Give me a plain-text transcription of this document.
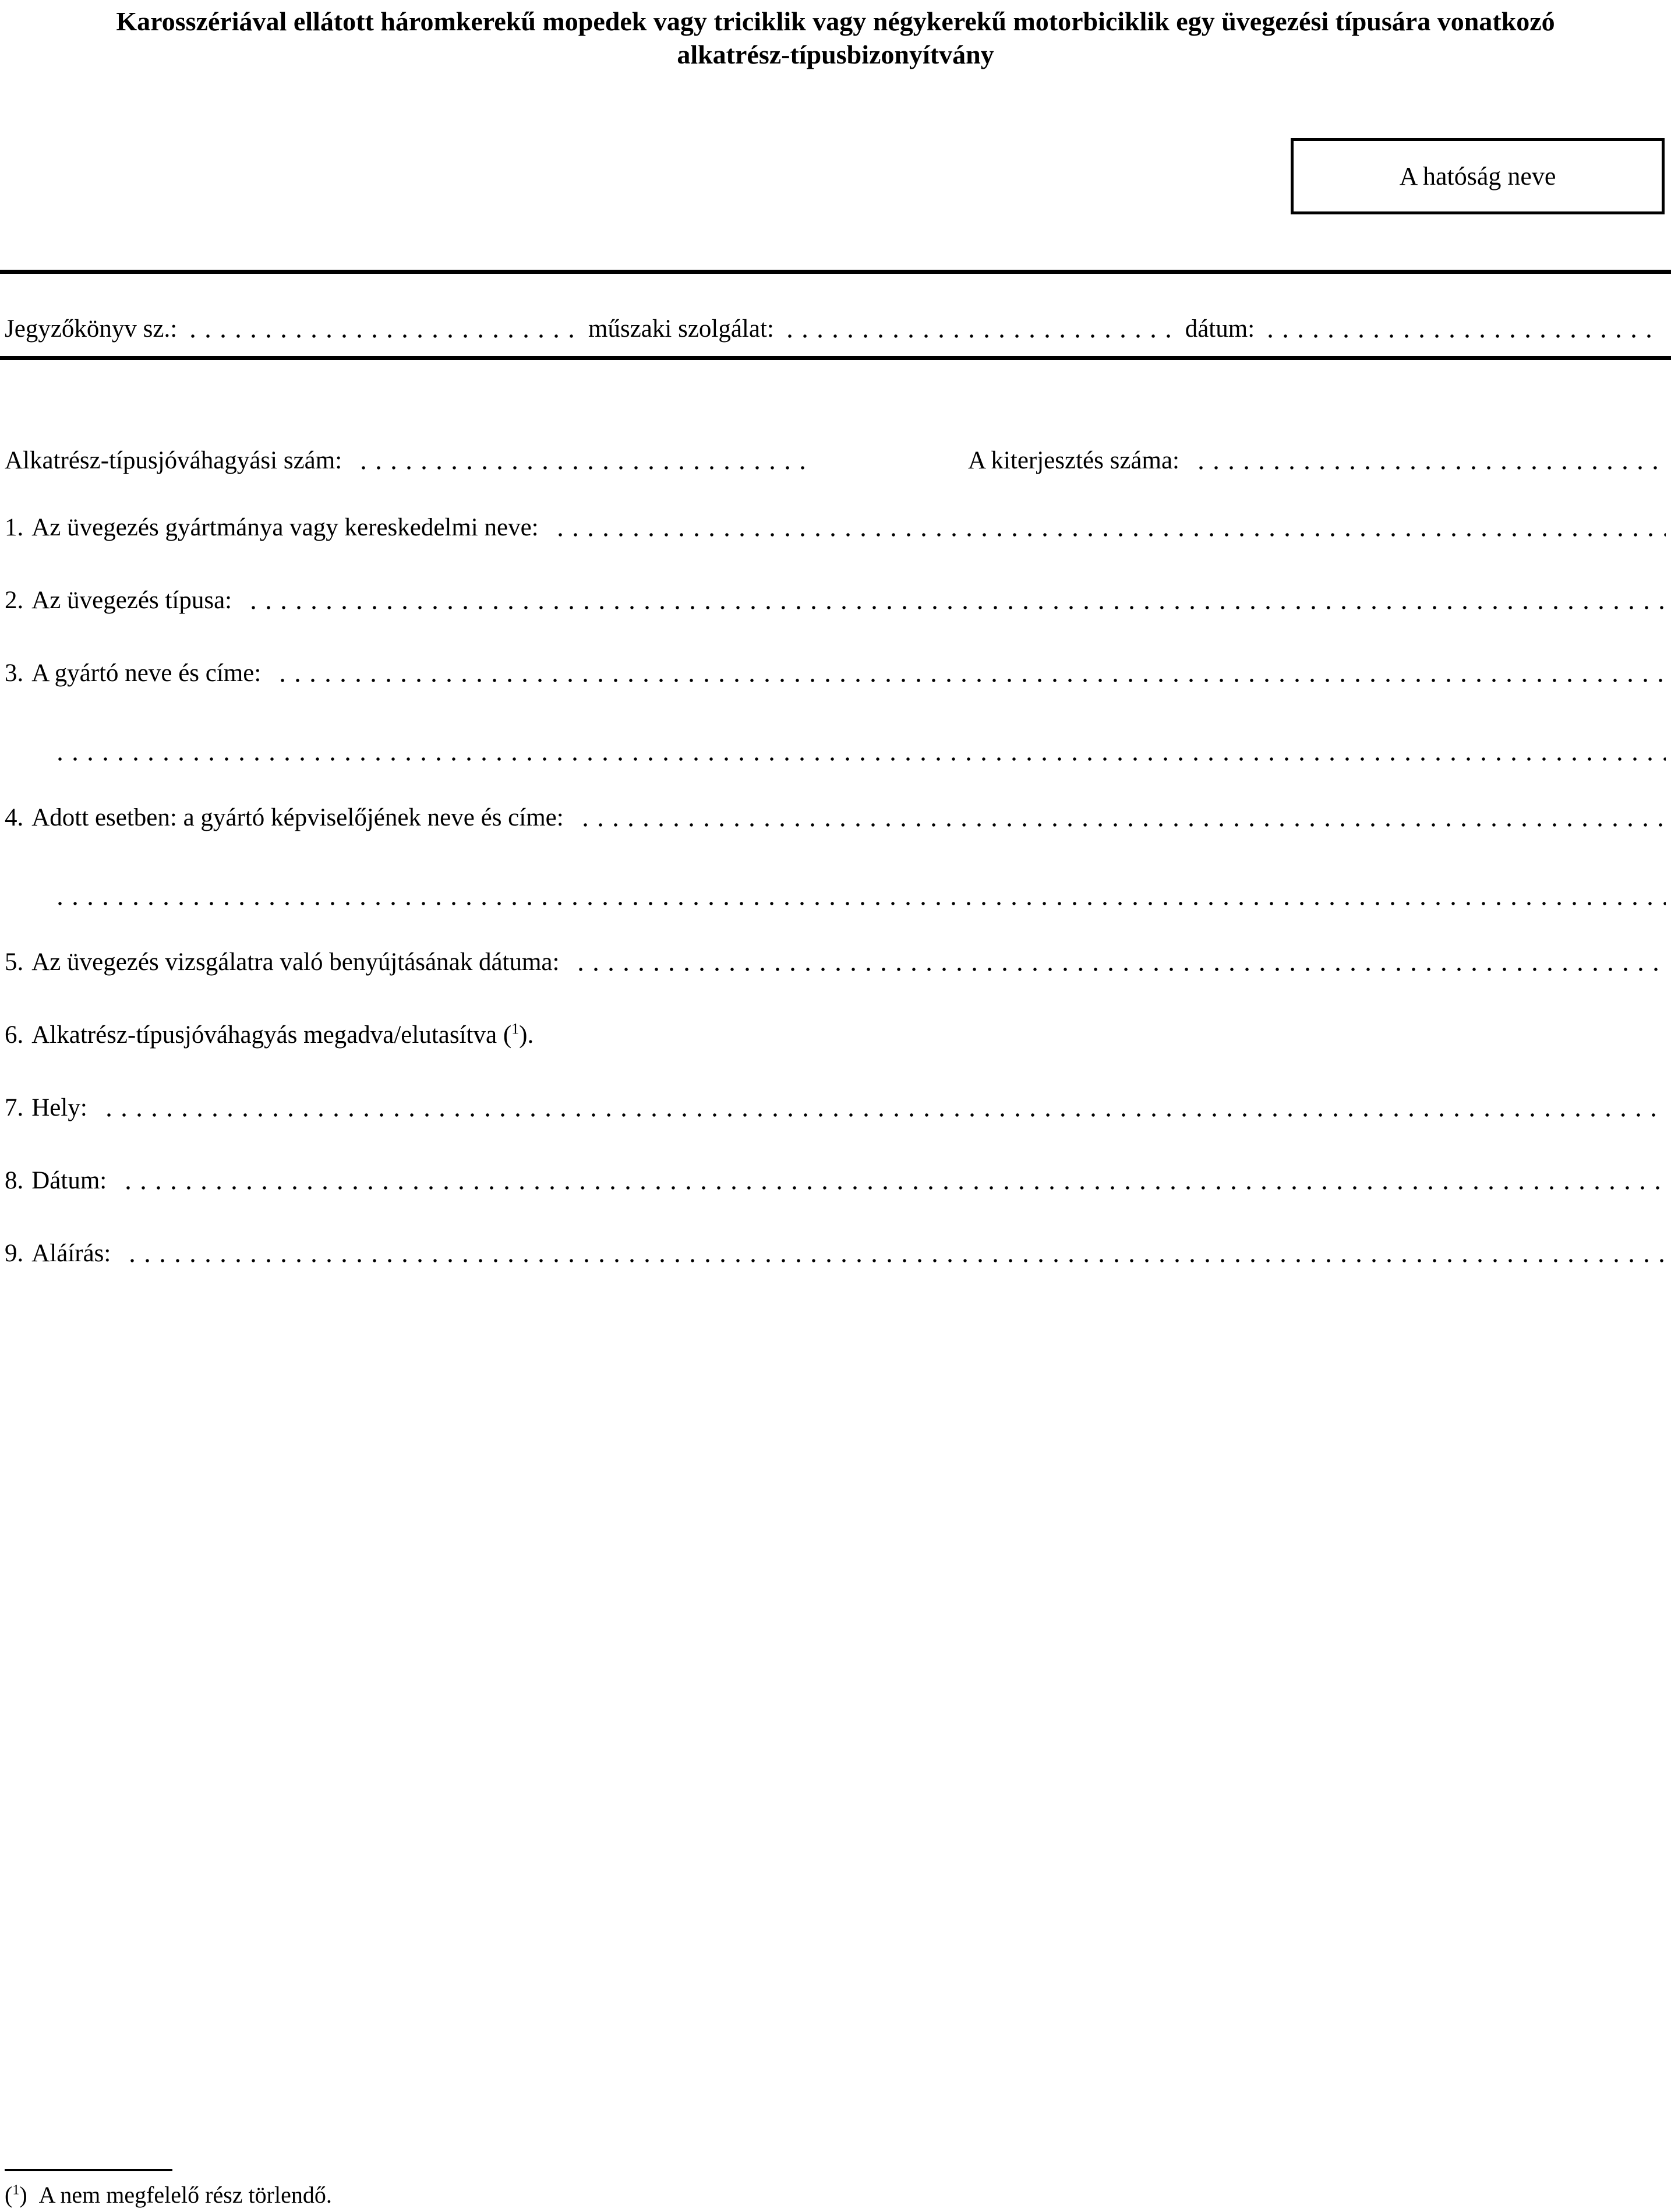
Karosszériával ellátott háromkerekű mopedek vagy triciklik vagy négykerekű motorbiciklik egy üvegezési típusára vonatkozó alkatrész-típusbizonyítvány
A hatóság neve
Jegyzőkönyv sz.:	műszaki szolgálat:	dátum:
Alkatrész-típusjóváhagyási szám:	A kiterjesztés száma:
1. Az üvegezés gyártmánya vagy kereskedelmi neve:
2. Az üvegezés típusa:
3. A gyártó neve és címe:
4. Adott esetben: a gyártó képviselőjének neve és címe:
5. Az üvegezés vizsgálatra való benyújtásának dátuma:
6. Alkatrész-típusjóváhagyás megadva/elutasítva ($^1$).
7. Hely:
8. Dátum:
9. Aláírás:
($^1$) A nem megfelelő rész törlendő.
